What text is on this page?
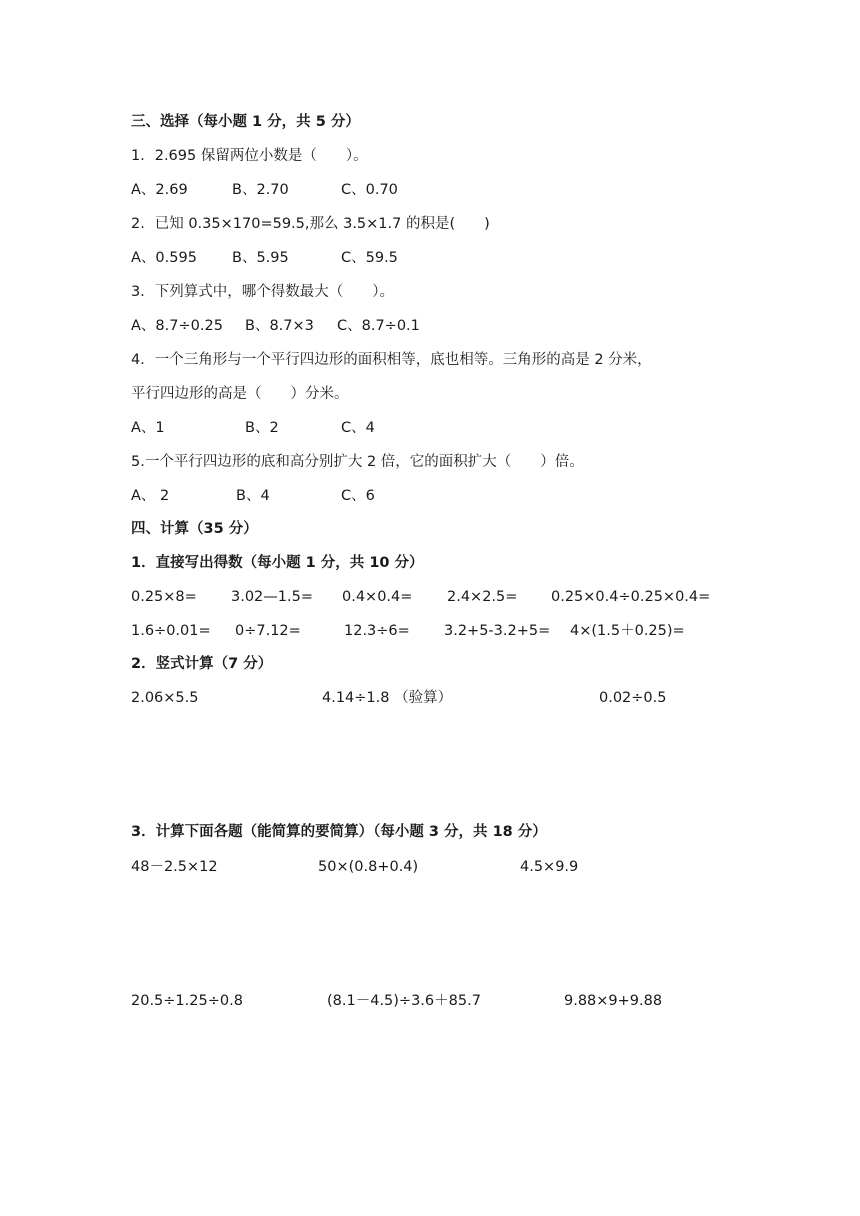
三、选择（每小题 1 分，共 5 分）
1．2.695 保留两位小数是（　　）。
A、2.69	B、2.70	C、0.70
2．已知 0.35×170=59.5,那么 3.5×1.7 的积是(　　)
A、0.595 B、5.95	C、59.5
3．下列算式中，哪个得数最大（　　）。
A、8.7÷0.25 B、8.7×3 C、8.7÷0.1
4．一个三角形与一个平行四边形的面积相等，底也相等。三角形的高是 2 分米，
平行四边形的高是（　　）分米。
A、1	B、2	C、4
5.一个平行四边形的底和高分别扩大 2 倍，它的面积扩大（　　）倍。
A、 2	B、4	C、6
四、计算（35 分）
1．直接写出得数（每小题 1 分，共 10 分）
0.25×8= 3.02—1.5= 0.4×0.4= 2.4×2.5= 0.25×0.4÷0.25×0.4=
1.6÷0.01= 0÷7.12=	12.3÷6= 3.2+5-3.2+5= 4×(1.5＋0.25)=
2．竖式计算（7 分）
2.06×5.5	4.14÷1.8 （验算）	0.02÷0.5
3．计算下面各题（能简算的要简算）（每小题 3 分，共 18 分）
48－2.5×12	50×(0.8+0.4)	4.5×9.9
20.5÷1.25÷0.8	(8.1－4.5)÷3.6＋85.7	9.88×9+9.88
